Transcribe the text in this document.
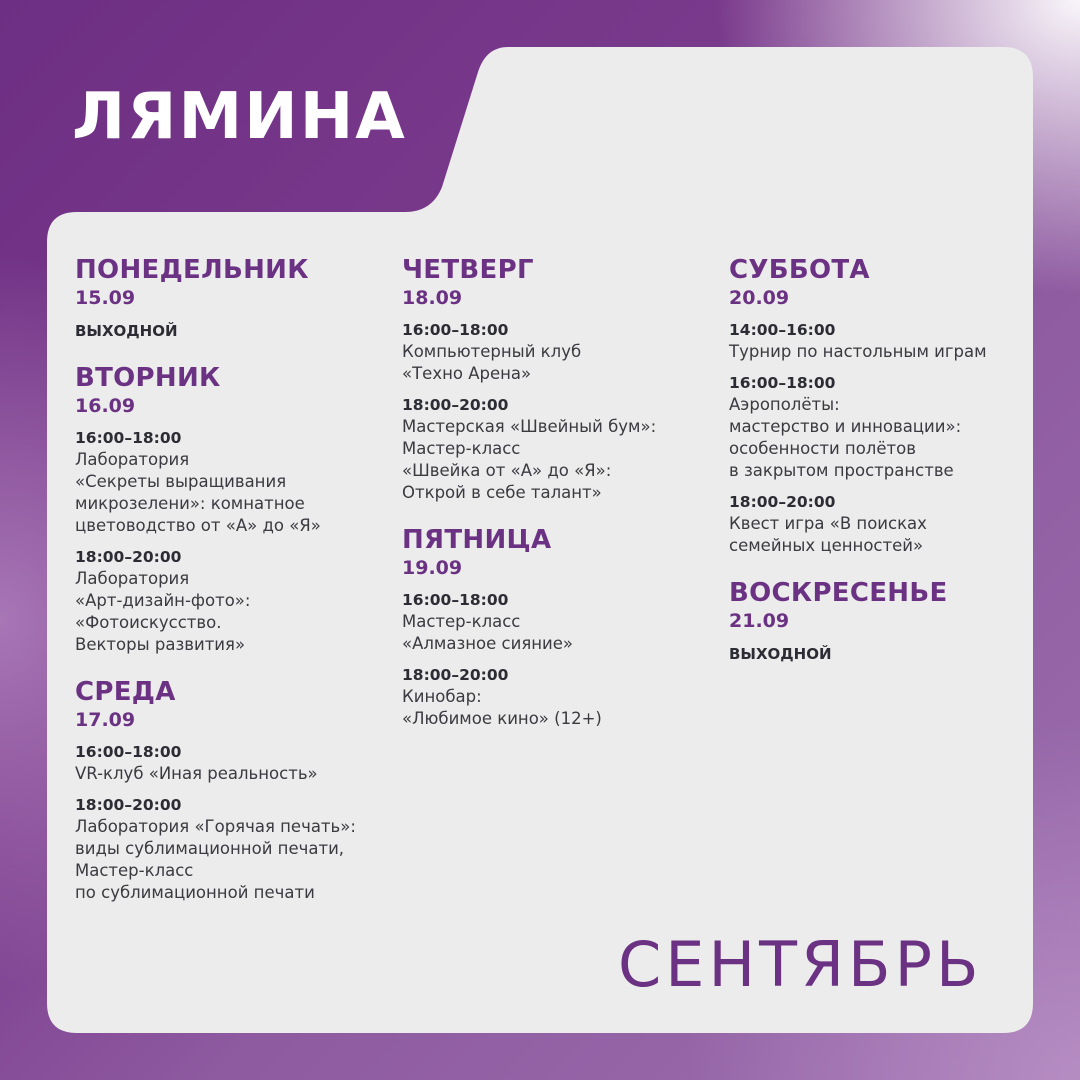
ЛЯМИНА
ПОНЕДЕЛЬНИК
15.09
ВЫХОДНОЙ
ВТОРНИК
16.09
16:00–18:00
Лаборатория
«Секреты выращивания
микрозелени»: комнатное
цветоводство от «А» до «Я»
18:00–20:00
Лаборатория
«Арт-дизайн-фото»:
«Фотоискусство.
Векторы развития»
СРЕДА
17.09
16:00–18:00
VR-клуб «Иная реальность»
18:00–20:00
Лаборатория «Горячая печать»:
виды сублимационной печати,
Мастер-класс
по сублимационной печати
ЧЕТВЕРГ
18.09
16:00–18:00
Компьютерный клуб
«Техно Арена»
18:00–20:00
Мастерская «Швейный бум»:
Мастер-класс
«Швейка от «А» до «Я»:
Открой в себе талант»
ПЯТНИЦА
19.09
16:00–18:00
Мастер-класс
«Алмазное сияние»
18:00–20:00
Кинобар:
«Любимое кино» (12+)
СУББОТА
20.09
14:00–16:00
Турнир по настольным играм
16:00–18:00
Аэрополёты:
мастерство и инновации»:
особенности полётов
в закрытом пространстве
18:00–20:00
Квест игра «В поисках
семейных ценностей»
ВОСКРЕСЕНЬЕ
21.09
ВЫХОДНОЙ
СЕНТЯБРЬ
